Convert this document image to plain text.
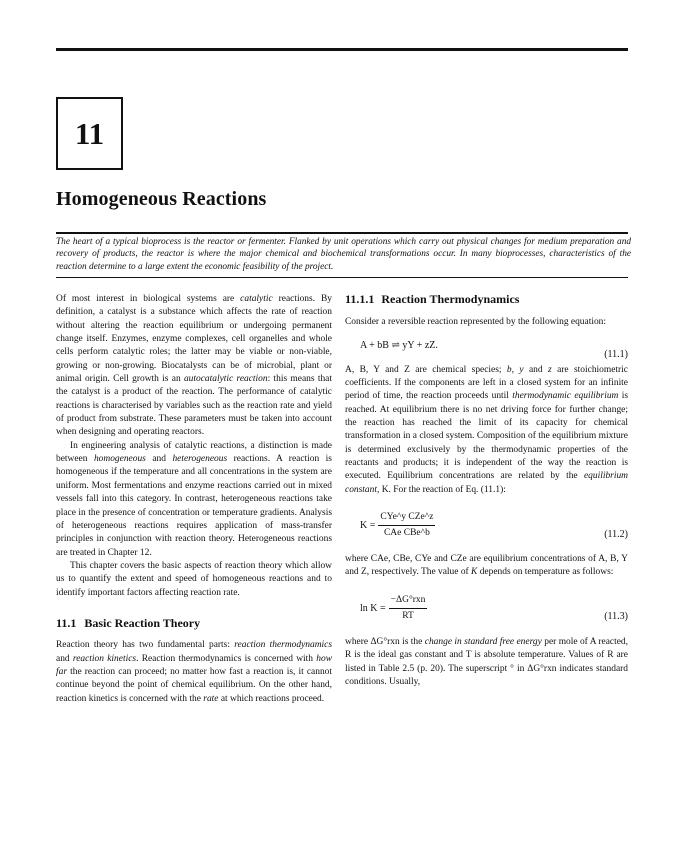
11
Homogeneous Reactions
The heart of a typical bioprocess is the reactor or fermenter. Flanked by unit operations which carry out physical changes for medium preparation and recovery of products, the reactor is where the major chemical and biochemical transformations occur. In many bioprocesses, characteristics of the reaction determine to a large extent the economic feasibility of the project.

Of most interest in biological systems are catalytic reactions. By definition, a catalyst is a substance which affects the rate of reaction without altering the reaction equilibrium or undergoing permanent change itself. Enzymes, enzyme complexes, cell organelles and whole cells perform catalytic roles; the latter may be viable or non-viable, growing or non-growing. Biocatalysts can be of microbial, plant or animal origin. Cell growth is an autocatalytic reaction: this means that the catalyst is a product of the reaction. The performance of catalytic reactions is characterised by variables such as the reaction rate and yield of product from substrate. These parameters must be taken into account when designing and operating reactors.

In engineering analysis of catalytic reactions, a distinction is made between homogeneous and heterogeneous reactions. A reaction is homogeneous if the temperature and all concentrations in the system are uniform. Most fermentations and enzyme reactions carried out in mixed vessels fall into this category. In contrast, heterogeneous reactions take place in the presence of concentration or temperature gradients. Analysis of heterogeneous reactions requires application of mass-transfer principles in conjunction with reaction theory. Heterogeneous reactions are treated in Chapter 12.

This chapter covers the basic aspects of reaction theory which allow us to quantify the extent and speed of homogeneous reactions and to identify important factors affecting reaction rate.

11.1 Basic Reaction Theory

Reaction theory has two fundamental parts: reaction thermodynamics and reaction kinetics. Reaction thermodynamics is concerned with how far the reaction can proceed; no matter how fast a reaction is, it cannot continue beyond the point of chemical equilibrium. On the other hand, reaction kinetics is concerned with the rate at which reactions proceed.

11.1.1 Reaction Thermodynamics

Consider a reversible reaction represented by the following equation:

A + bB ⇌ yY + zZ.
(11.1)

A, B, Y and Z are chemical species; b, y and z are stoichiometric coefficients. If the components are left in a closed system for an infinite period of time, the reaction proceeds until thermodynamic equilibrium is reached. At equilibrium there is no net driving force for further change; the reaction has reached the limit of its capacity for chemical transformation in a closed system. Composition of the equilibrium mixture is determined exclusively by the thermodynamic properties of the reactants and products; it is independent of the way the reaction is executed. Equilibrium concentrations are related by the equilibrium constant, K. For the reaction of Eq. (11.1):

$K = \frac{\text{CYe\textasciicircum{}y CZe\textasciicircum{}z}}{\text{CAe CBe\textasciicircum{}b}}$	(11.2)

where CAe, CBe, CYe and CZe are equilibrium concentrations of A, B, Y and Z, respectively. The value of K depends on temperature as follows:

$\ln K = \frac{\text{−ΔG°rxn}}{RT}$	(11.3)

where ΔG°rxn is the change in standard free energy per mole of A reacted, R is the ideal gas constant and T is absolute temperature. Values of R are listed in Table 2.5 (p. 20). The superscript ° in ΔG°rxn indicates standard conditions. Usually,
